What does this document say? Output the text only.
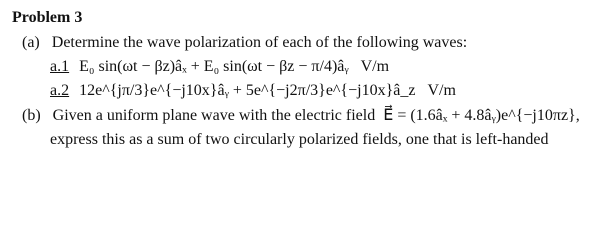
Problem 3
(a) Determine the wave polarization of each of the following waves:
a.1 E₀ sin(ωt − βz)âₓ + E₀ sin(ωt − βz − π/4)âᵧ V/m
a.2 12e^{jπ/3}e^{−j10x}âᵧ + 5e^{−j2π/3}e^{−j10x}â_z V/m
(b) Given a uniform plane wave with the electric field E⃗ = (1.6âₓ + 4.8âᵧ)e^{−j10πz},
express this as a sum of two circularly polarized fields, one that is left-handed
